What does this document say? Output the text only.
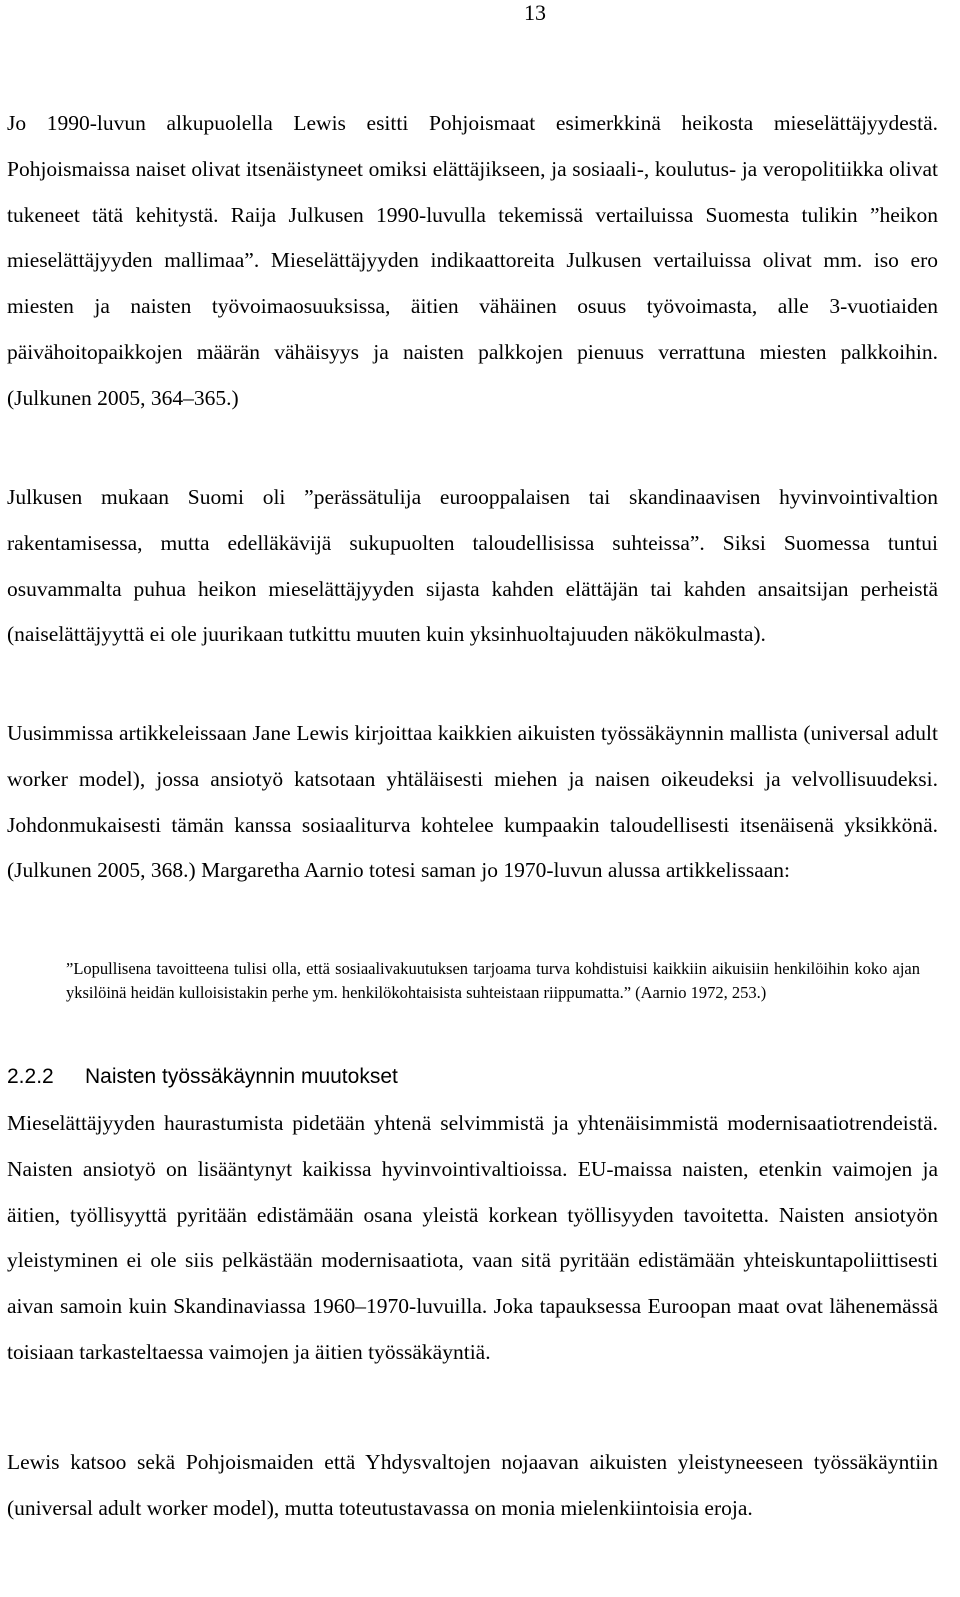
13

Jo 1990-luvun alkupuolella Lewis esitti Pohjoismaat esimerkkinä heikosta mieselättäjyydestä. Pohjoismaissa naiset olivat itsenäistyneet omiksi elättäjikseen, ja sosiaali-, koulutus- ja veropolitiikka olivat tukeneet tätä kehitystä. Raija Julkusen 1990-luvulla tekemissä vertailuissa Suomesta tulikin ”heikon mieselättäjyyden mallimaa”. Mieselättäjyyden indikaattoreita Julkusen vertailuissa olivat mm. iso ero miesten ja naisten työvoimaosuuksissa, äitien vähäinen osuus työvoimasta, alle 3-vuotiaiden päivähoitopaikkojen määrän vähäisyys ja naisten palkkojen pienuus verrattuna miesten palkkoihin. (Julkunen 2005, 364–365.)

Julkusen mukaan Suomi oli ”perässätulija eurooppalaisen tai skandinaavisen hyvinvointivaltion rakentamisessa, mutta edelläkävijä sukupuolten taloudellisissa suhteissa”. Siksi Suomessa tuntui osuvammalta puhua heikon mieselättäjyyden sijasta kahden elättäjän tai kahden ansaitsijan perheistä (naiselättäjyyttä ei ole juurikaan tutkittu muuten kuin yksinhuoltajuuden näkökulmasta).

Uusimmissa artikkeleissaan Jane Lewis kirjoittaa kaikkien aikuisten työssäkäynnin mallista (universal adult worker model), jossa ansiotyö katsotaan yhtäläisesti miehen ja naisen oikeudeksi ja velvollisuudeksi. Johdonmukaisesti tämän kanssa sosiaaliturva kohtelee kumpaakin taloudellisesti itsenäisenä yksikkönä. (Julkunen 2005, 368.) Margaretha Aarnio totesi saman jo 1970-luvun alussa artikkelissaan:

”Lopullisena tavoitteena tulisi olla, että sosiaalivakuutuksen tarjoama turva kohdistuisi kaikkiin aikuisiin henkilöihin koko ajan yksilöinä heidän kulloisistakin perhe ym. henkilökohtaisista suhteistaan riippumatta.” (Aarnio 1972, 253.)
2.2.2 Naisten työssäkäynnin muutokset

Mieselättäjyyden haurastumista pidetään yhtenä selvimmistä ja yhtenäisimmistä modernisaatiotrendeistä. Naisten ansiotyö on lisääntynyt kaikissa hyvinvointivaltioissa. EU-maissa naisten, etenkin vaimojen ja äitien, työllisyyttä pyritään edistämään osana yleistä korkean työllisyyden tavoitetta. Naisten ansiotyön yleistyminen ei ole siis pelkästään modernisaatiota, vaan sitä pyritään edistämään yhteiskuntapoliittisesti aivan samoin kuin Skandinaviassa 1960–1970-luvuilla. Joka tapauksessa Euroopan maat ovat lähenemässä toisiaan tarkasteltaessa vaimojen ja äitien työssäkäyntiä.

Lewis katsoo sekä Pohjoismaiden että Yhdysvaltojen nojaavan aikuisten yleistyneeseen työssäkäyntiin (universal adult worker model), mutta toteutustavassa on monia mielenkiintoisia eroja.
